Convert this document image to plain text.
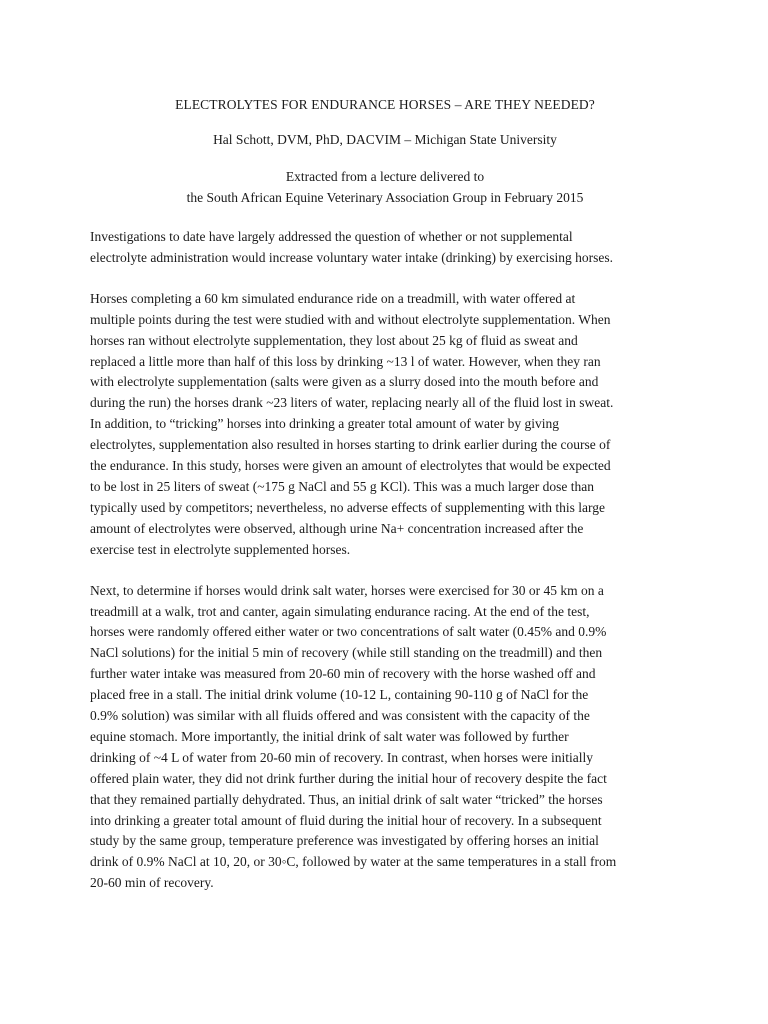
ELECTROLYTES FOR ENDURANCE HORSES – ARE THEY NEEDED?
Hal Schott, DVM, PhD, DACVIM – Michigan State University
Extracted from a lecture delivered to
the South African Equine Veterinary Association Group in February 2015
Investigations to date have largely addressed the question of whether or not supplemental
electrolyte administration would increase voluntary water intake (drinking) by exercising horses.
Horses completing a 60 km simulated endurance ride on a treadmill, with water offered at
multiple points during the test were studied with and without electrolyte supplementation. When
horses ran without electrolyte supplementation, they lost about 25 kg of fluid as sweat and
replaced a little more than half of this loss by drinking ~13 l of water. However, when they ran
with electrolyte supplementation (salts were given as a slurry dosed into the mouth before and
during the run) the horses drank ~23 liters of water, replacing nearly all of the fluid lost in sweat.
In addition, to “tricking” horses into drinking a greater total amount of water by giving
electrolytes, supplementation also resulted in horses starting to drink earlier during the course of
the endurance. In this study, horses were given an amount of electrolytes that would be expected
to be lost in 25 liters of sweat (~175 g NaCl and 55 g KCl). This was a much larger dose than
typically used by competitors; nevertheless, no adverse effects of supplementing with this large
amount of electrolytes were observed, although urine Na+ concentration increased after the
exercise test in electrolyte supplemented horses.
Next, to determine if horses would drink salt water, horses were exercised for 30 or 45 km on a
treadmill at a walk, trot and canter, again simulating endurance racing. At the end of the test,
horses were randomly offered either water or two concentrations of salt water (0.45% and 0.9%
NaCl solutions) for the initial 5 min of recovery (while still standing on the treadmill) and then
further water intake was measured from 20-60 min of recovery with the horse washed off and
placed free in a stall. The initial drink volume (10-12 L, containing 90-110 g of NaCl for the
0.9% solution) was similar with all fluids offered and was consistent with the capacity of the
equine stomach. More importantly, the initial drink of salt water was followed by further
drinking of ~4 L of water from 20-60 min of recovery. In contrast, when horses were initially
offered plain water, they did not drink further during the initial hour of recovery despite the fact
that they remained partially dehydrated. Thus, an initial drink of salt water “tricked” the horses
into drinking a greater total amount of fluid during the initial hour of recovery. In a subsequent
study by the same group, temperature preference was investigated by offering horses an initial
drink of 0.9% NaCl at 10, 20, or 30◦C, followed by water at the same temperatures in a stall from
20-60 min of recovery.
